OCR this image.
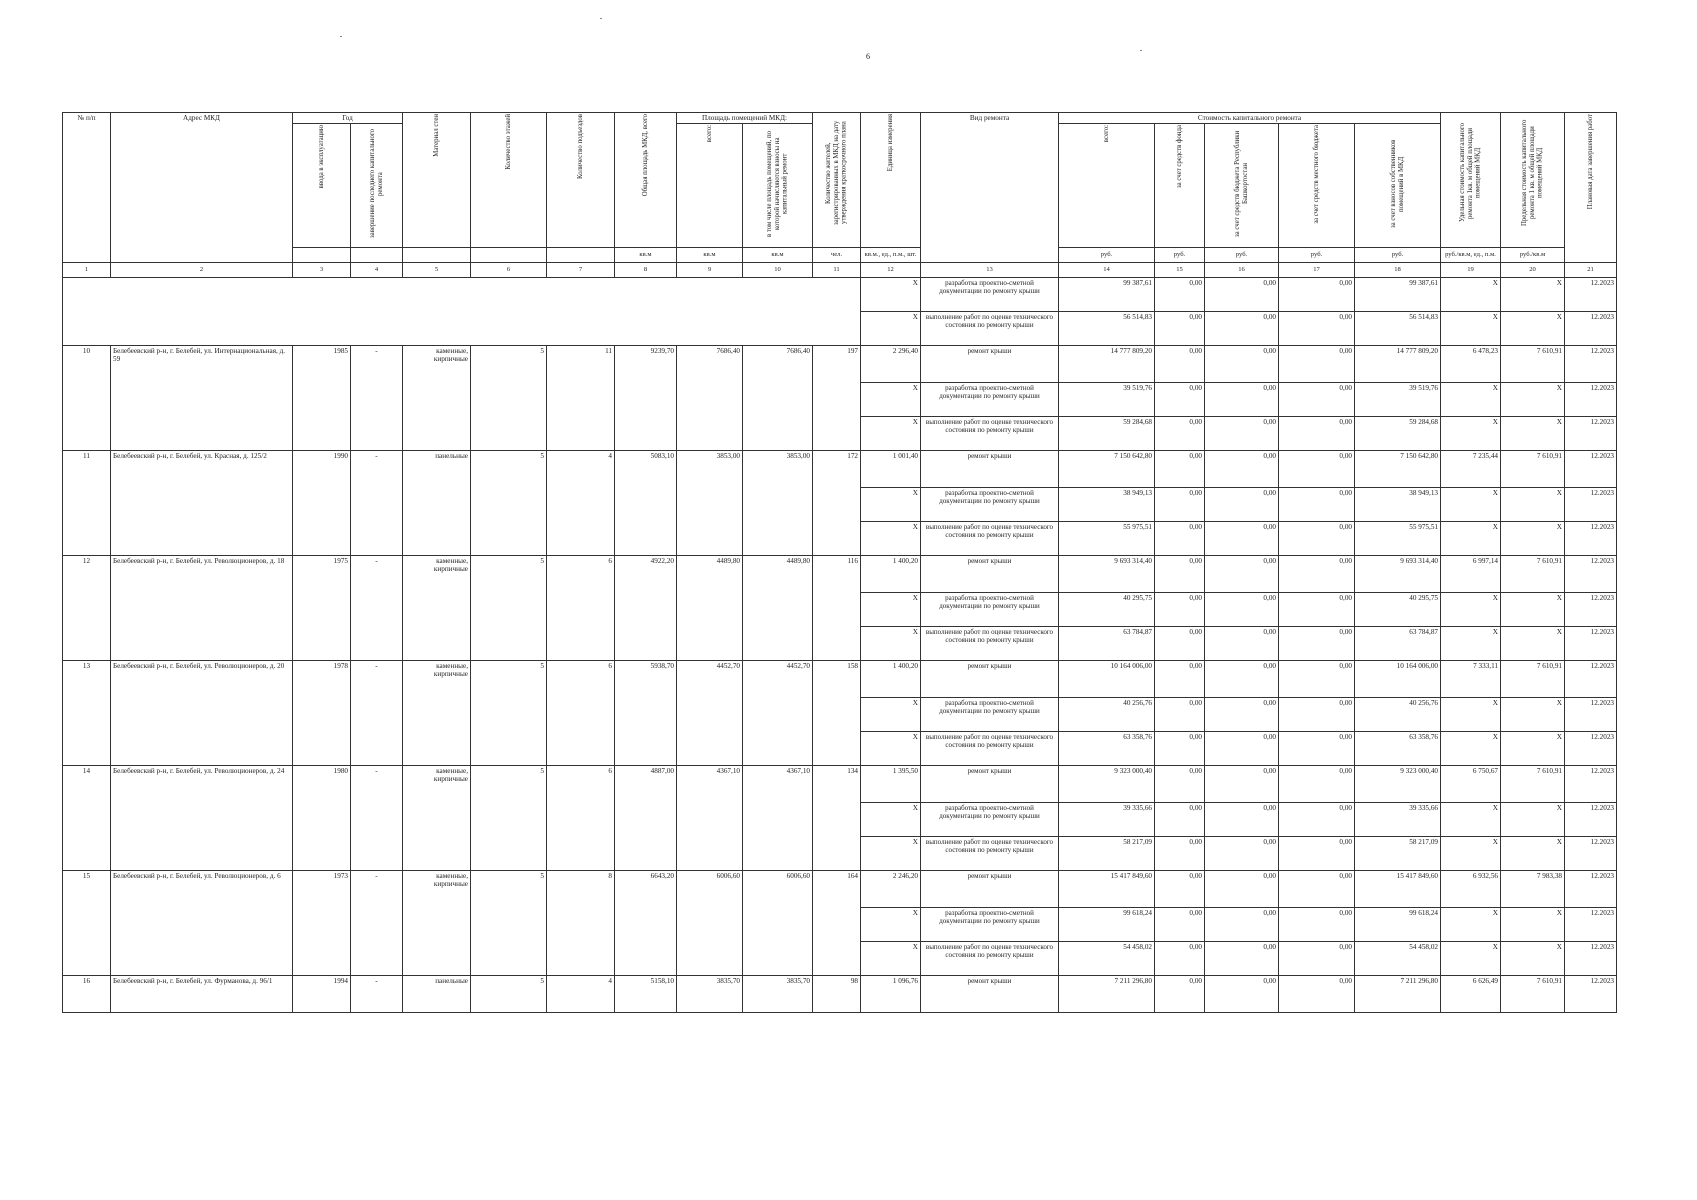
6
№ п/п	Адрес МКД	Год		Материал стен	Количество этажей	Количество подъездов	Общая площадь МКД, всего	Площадь помещений МКД:		Количество жителей, зарегистрированных в МКД на дату утверждения краткосрочного плана	Единица измерения	Вид ремонта	Стоимость капитального ремонта					Удельная стоимость капитального ремонта 1кв. м общей площади помещений МКД	Предельная стоимость капитального ремонта 1 кв. м общей площади помещений МКД	Плановая дата завершения работ
		ввода в эксплуатацию	завершение последнего капитального ремонта					всего:	в том числе площадь помещений, по которой начисляются взносы на капитальный ремонт				всего:	за счет средств фонда	за счет средств бюджета Республики Башкортостан	за счет средств местного бюджета	за счет взносов собственников помещений в МКД			
							кв.м	кв.м	кв.м	чел.	кв.м., ед., п.м., шт.		руб.	руб.	руб.	руб.	руб.	руб./кв.м, ед., п.м.	руб./кв.м	
1	2	3	4	5	6	7	8	9	10	11	12	13	14	15	16	17	18	19	20	21
											X	разработка проектно-сметной документации по ремонту крыши	99 387,61	0,00	0,00	0,00	99 387,61	X	X	12.2023
											X	выполнение работ по оценке технического состояния по ремонту крыши	56 514,83	0,00	0,00	0,00	56 514,83	X	X	12.2023
10	Белебеевский р-н, г. Белебей, ул. Интернациональная, д. 59	1985	-	каменные, кирпичные	5	11	9239,70	7686,40	7686,40	197	2 296,40	ремонт крыши	14 777 809,20	0,00	0,00	0,00	14 777 809,20	6 478,23	7 610,91	12.2023
											X	разработка проектно-сметной документации по ремонту крыши	39 519,76	0,00	0,00	0,00	39 519,76	X	X	12.2023
											X	выполнение работ по оценке технического состояния по ремонту крыши	59 284,68	0,00	0,00	0,00	59 284,68	X	X	12.2023
11	Белебеевский р-н, г. Белебей, ул. Красная, д. 125/2	1990	-	панельные	5	4	5083,10	3853,00	3853,00	172	1 001,40	ремонт крыши	7 150 642,80	0,00	0,00	0,00	7 150 642,80	7 235,44	7 610,91	12.2023
											X	разработка проектно-сметной документации по ремонту крыши	38 949,13	0,00	0,00	0,00	38 949,13	X	X	12.2023
											X	выполнение работ по оценке технического состояния по ремонту крыши	55 975,51	0,00	0,00	0,00	55 975,51	X	X	12.2023
12	Белебеевский р-н, г. Белебей, ул. Революционеров, д. 18	1975	-	каменные, кирпичные	5	6	4922,20	4489,80	4489,80	116	1 400,20	ремонт крыши	9 693 314,40	0,00	0,00	0,00	9 693 314,40	6 997,14	7 610,91	12.2023
											X	разработка проектно-сметной документации по ремонту крыши	40 295,75	0,00	0,00	0,00	40 295,75	X	X	12.2023
											X	выполнение работ по оценке технического состояния по ремонту крыши	63 784,87	0,00	0,00	0,00	63 784,87	X	X	12.2023
13	Белебеевский р-н, г. Белебей, ул. Революционеров, д. 20	1978	-	каменные, кирпичные	5	6	5938,70	4452,70	4452,70	158	1 400,20	ремонт крыши	10 164 006,00	0,00	0,00	0,00	10 164 006,00	7 333,11	7 610,91	12.2023
											X	разработка проектно-сметной документации по ремонту крыши	40 256,76	0,00	0,00	0,00	40 256,76	X	X	12.2023
											X	выполнение работ по оценке технического состояния по ремонту крыши	63 358,76	0,00	0,00	0,00	63 358,76	X	X	12.2023
14	Белебеевский р-н, г. Белебей, ул. Революционеров, д. 24	1980	-	каменные, кирпичные	5	6	4887,00	4367,10	4367,10	134	1 395,50	ремонт крыши	9 323 000,40	0,00	0,00	0,00	9 323 000,40	6 750,67	7 610,91	12.2023
											X	разработка проектно-сметной документации по ремонту крыши	39 335,66	0,00	0,00	0,00	39 335,66	X	X	12.2023
											X	выполнение работ по оценке технического состояния по ремонту крыши	58 217,09	0,00	0,00	0,00	58 217,09	X	X	12.2023
15	Белебеевский р-н, г. Белебей, ул. Революционеров, д. 6	1973	-	каменные, кирпичные	5	8	6643,20	6006,60	6006,60	164	2 246,20	ремонт крыши	15 417 849,60	0,00	0,00	0,00	15 417 849,60	6 932,56	7 983,38	12.2023
											X	разработка проектно-сметной документации по ремонту крыши	99 618,24	0,00	0,00	0,00	99 618,24	X	X	12.2023
											X	выполнение работ по оценке технического состояния по ремонту крыши	54 458,02	0,00	0,00	0,00	54 458,02	X	X	12.2023
16	Белебеевский р-н, г. Белебей, ул. Фурманова, д. 96/1	1994	-	панельные	5	4	5158,10	3835,70	3835,70	98	1 096,76	ремонт крыши	7 211 296,80	0,00	0,00	0,00	7 211 296,80	6 626,49	7 610,91	12.2023
